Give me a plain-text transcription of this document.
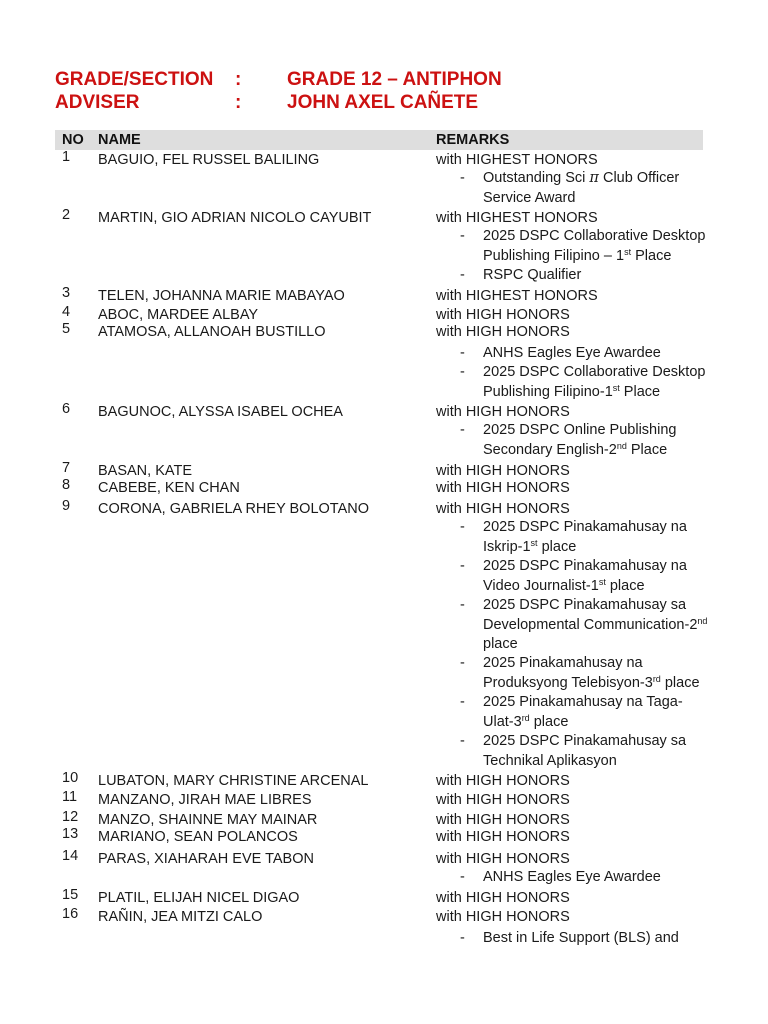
GRADE/SECTION	:	GRADE 12 – ANTIPHON
ADVISER	:	JOHN AXEL CAÑETE
NO NAME	REMARKS
1 BAGUIO, FEL RUSSEL BALILING	with HIGHEST HONORS
- Outstanding Sci π Club Officer Service Award
2 MARTIN, GIO ADRIAN NICOLO CAYUBIT	with HIGHEST HONORS
- 2025 DSPC Collaborative Desktop Publishing Filipino – 1st Place
- RSPC Qualifier
3 TELEN, JOHANNA MARIE MABAYAO	with HIGHEST HONORS
4 ABOC, MARDEE ALBAY	with HIGH HONORS
5 ATAMOSA, ALLANOAH BUSTILLO	with HIGH HONORS
- ANHS Eagles Eye Awardee
- 2025 DSPC Collaborative Desktop Publishing Filipino-1st Place
6 BAGUNOC, ALYSSA ISABEL OCHEA	with HIGH HONORS
- 2025 DSPC Online Publishing Secondary English-2nd Place
7 BASAN, KATE	with HIGH HONORS
8 CABEBE, KEN CHAN	with HIGH HONORS
9 CORONA, GABRIELA RHEY BOLOTANO	with HIGH HONORS
- 2025 DSPC Pinakamahusay na Iskrip-1st place
- 2025 DSPC Pinakamahusay na Video Journalist-1st place
- 2025 DSPC Pinakamahusay sa Developmental Communication-2nd place
- 2025 Pinakamahusay na Produksyong Telebisyon-3rd place
- 2025 Pinakamahusay na Taga-Ulat-3rd place
- 2025 DSPC Pinakamahusay sa Technikal Aplikasyon
10 LUBATON, MARY CHRISTINE ARCENAL	with HIGH HONORS
11 MANZANO, JIRAH MAE LIBRES	with HIGH HONORS
12 MANZO, SHAINNE MAY MAINAR	with HIGH HONORS
13 MARIANO, SEAN POLANCOS	with HIGH HONORS
14 PARAS, XIAHARAH EVE TABON	with HIGH HONORS
- ANHS Eagles Eye Awardee
15 PLATIL, ELIJAH NICEL DIGAO	with HIGH HONORS
16 RAÑIN, JEA MITZI CALO	with HIGH HONORS
- Best in Life Support (BLS) and
